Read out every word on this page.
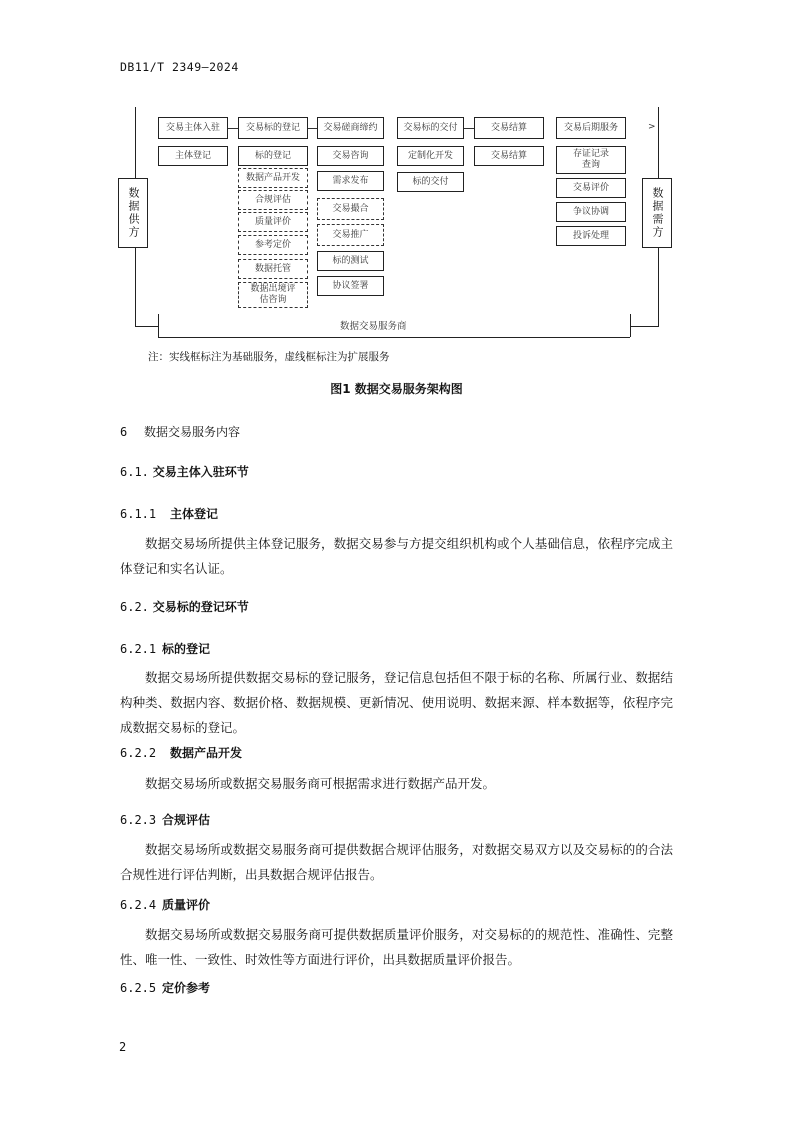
DB11/T 2349—2024
数据供方	数据需方
交易主体入驻	交易标的登记	交易磋商缔约	交易标的交付	交易结算	交易后期服务	>
主体登记	标的登记
数据产品开发
合规评估
质量评价
参考定价
数据托管
数据出境评估咨询
交易咨询
需求发布
交易撮合
交易推广
标的测试
协议签署
定制化开发
标的交付
交易结算	存证记录查询
交易评价
争议协调
投诉处理
数据交易服务商
注：实线框标注为基础服务，虚线框标注为扩展服务
图1 数据交易服务架构图
6 数据交易服务内容
6.1. 交易主体入驻环节
6.1.1 主体登记
数据交易场所提供主体登记服务，数据交易参与方提交组织机构或个人基础信息，依程序完成主体登记和实名认证。
6.2. 交易标的登记环节
6.2.1 标的登记
数据交易场所提供数据交易标的登记服务，登记信息包括但不限于标的名称、所属行业、数据结构种类、数据内容、数据价格、数据规模、更新情况、使用说明、数据来源、样本数据等，依程序完成数据交易标的登记。
6.2.2 数据产品开发
数据交易场所或数据交易服务商可根据需求进行数据产品开发。
6.2.3 合规评估
数据交易场所或数据交易服务商可提供数据合规评估服务，对数据交易双方以及交易标的的合法合规性进行评估判断，出具数据合规评估报告。
6.2.4 质量评价
数据交易场所或数据交易服务商可提供数据质量评价服务，对交易标的的规范性、准确性、完整性、唯一性、一致性、时效性等方面进行评价，出具数据质量评价报告。
6.2.5 定价参考
2
